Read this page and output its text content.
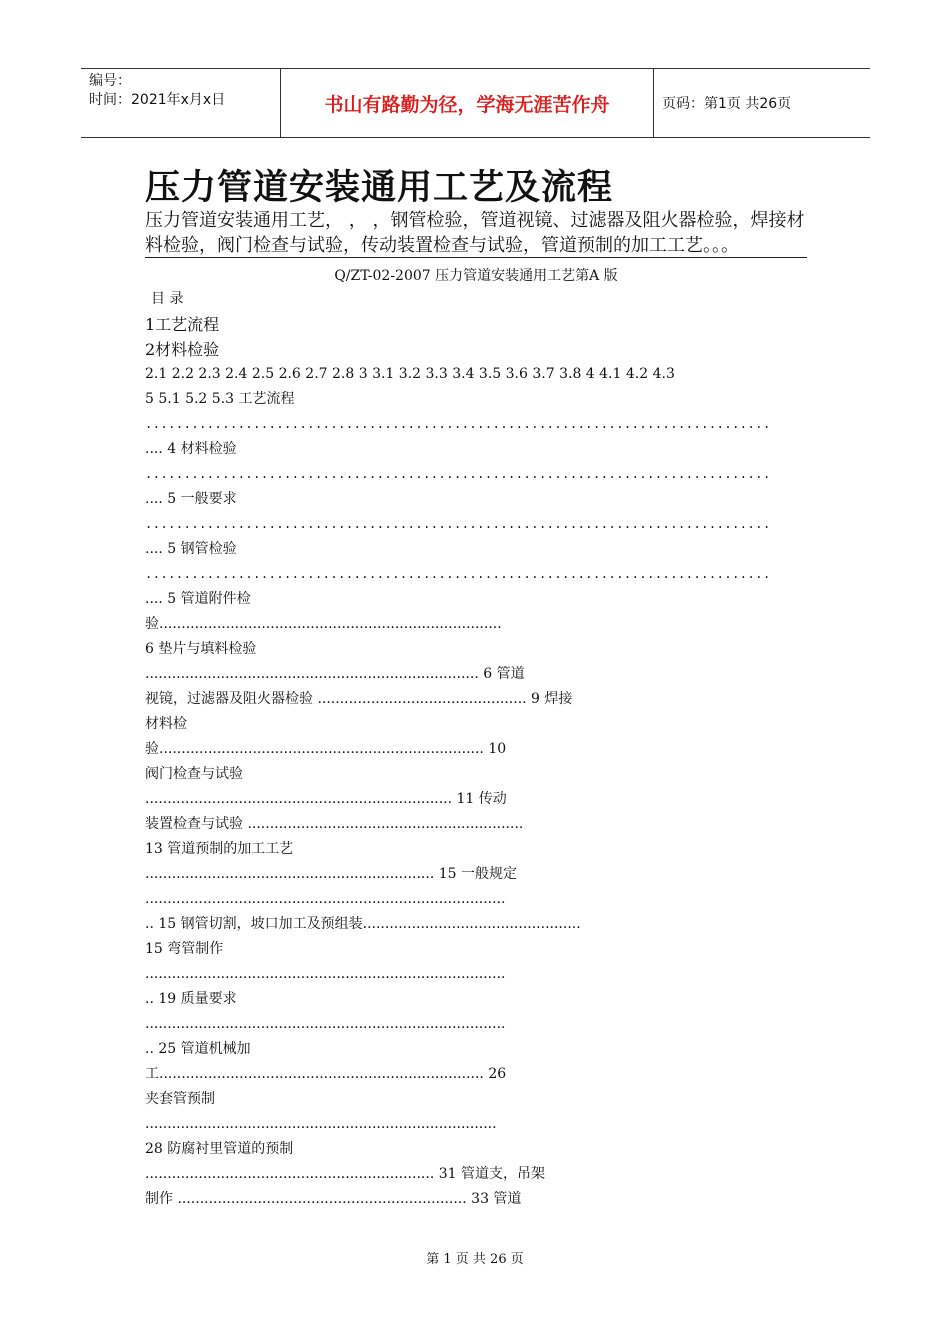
编号：
时间：2021年x月x日	书山有路勤为径，学海无涯苦作舟	页码：第1页 共26页
压力管道安装通用工艺及流程
压力管道安装通用工艺， ， ，钢管检验，管道视镜、过滤器及阻火器检验，焊接材料检验，阀门检查与试验，传动装置检查与试验，管道预制的加工工艺。。。
Q/ZT-02-2007 压力管道安装通用工艺第A 版
目 录
1工艺流程
2材料检验
2.1 2.2 2.3 2.4 2.5 2.6 2.7 2.8 3 3.1 3.2 3.3 3.4 3.5 3.6 3.7 3.8 4 4.1 4.2 4.3
5 5.1 5.2 5.3 工艺流程
.................................................................................
.... 4 材料检验
.................................................................................
.... 5 一般要求
.................................................................................
.... 5 钢管检验
.................................................................................
.... 5 管道附件检
验.............................................................................
6 垫片与填料检验
........................................................................... 6 管道
视镜，过滤器及阻火器检验 ............................................... 9 焊接
材料检
验......................................................................... 10
阀门检查与试验
..................................................................... 11 传动
装置检查与试验 ..............................................................
13 管道预制的加工工艺
................................................................. 15 一般规定
.................................................................................
.. 15 钢管切割，坡口加工及预组装.................................................
15 弯管制作
.................................................................................
.. 19 质量要求
.................................................................................
.. 25 管道机械加
工......................................................................... 26
夹套管预制
...............................................................................
28 防腐衬里管道的预制
................................................................. 31 管道支，吊架
制作 ................................................................. 33 管道
第 1 页 共 26 页
